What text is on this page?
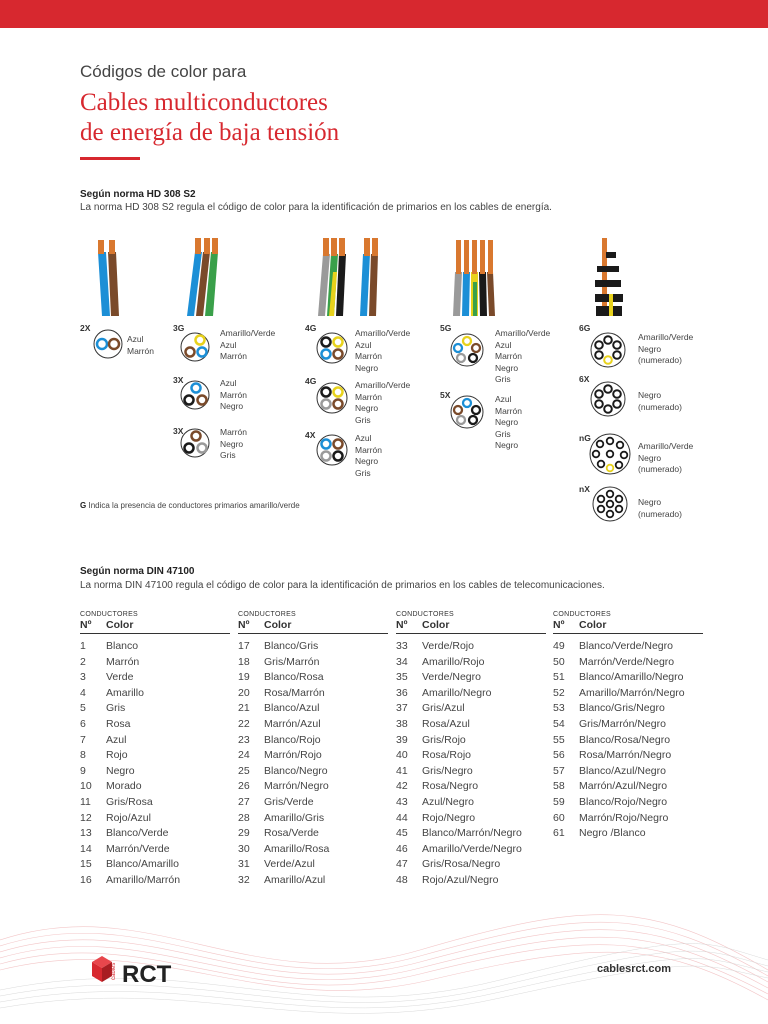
Códigos de color para
Cables multiconductores
de energía de baja tensión
Según norma HD 308 S2
La norma HD 308 S2 regula el código de color para la identificación de primarios en los cables de energía.
2X
Azul
Marrón
3G	Amarillo/Verde
Azul
Marrón
3X	Azul
Marrón
Negro
3X	Marrón
Negro
Gris
4G	Amarillo/Verde
Azul
Marrón
Negro
4G	Amarillo/Verde
Marrón
Negro
Gris
4X	Azul
Marrón
Negro
Gris
5G	Amarillo/Verde
Azul
Marrón
Negro
Gris
5X	Azul
Marrón
Negro
Gris
Negro
6G
Amarillo/Verde
Negro
(numerado)
6X
Negro
(numerado)
nG
Amarillo/Verde
Negro
(numerado)
nX
Negro
(numerado)
G Indica la presencia de conductores primarios amarillo/verde
Según norma DIN 47100
La norma DIN 47100 regula el código de color para la identificación de primarios en los cables de telecomunicaciones.
CONDUCTORES
Nº	Color
1	Blanco
2	Marrón
3	Verde
4	Amarillo
5	Gris
6	Rosa
7	Azul
8	Rojo
9	Negro
10	Morado
11	Gris/Rosa
12	Rojo/Azul
13	Blanco/Verde
14	Marrón/Verde
15	Blanco/Amarillo
16	Amarillo/Marrón
CONDUCTORES
Nº	Color
17	Blanco/Gris
18	Gris/Marrón
19	Blanco/Rosa
20	Rosa/Marrón
21	Blanco/Azul
22	Marrón/Azul
23	Blanco/Rojo
24	Marrón/Rojo
25	Blanco/Negro
26	Marrón/Negro
27	Gris/Verde
28	Amarillo/Gris
29	Rosa/Verde
30	Amarillo/Rosa
31	Verde/Azul
32	Amarillo/Azul
CONDUCTORES
Nº	Color
33	Verde/Rojo
34	Amarillo/Rojo
35	Verde/Negro
36	Amarillo/Negro
37	Gris/Azul
38	Rosa/Azul
39	Gris/Rojo
40	Rosa/Rojo
41	Gris/Negro
42	Rosa/Negro
43	Azul/Negro
44	Rojo/Negro
45	Blanco/Marrón/Negro
46	Amarillo/Verde/Negro
47	Gris/Rosa/Negro
48	Rojo/Azul/Negro
CONDUCTORES
Nº	Color
49	Blanco/Verde/Negro
50	Marrón/Verde/Negro
51	Blanco/Amarillo/Negro
52	Amarillo/Marrón/Negro
53	Blanco/Gris/Negro
54	Gris/Marrón/Negro
55	Blanco/Rosa/Negro
56	Rosa/Marrón/Negro
57	Blanco/Azul/Negro
58	Marrón/Azul/Negro
59	Blanco/Rojo/Negro
60	Marrón/Rojo/Negro
61	Negro /Blanco
cables RCT	cablesrct.com
